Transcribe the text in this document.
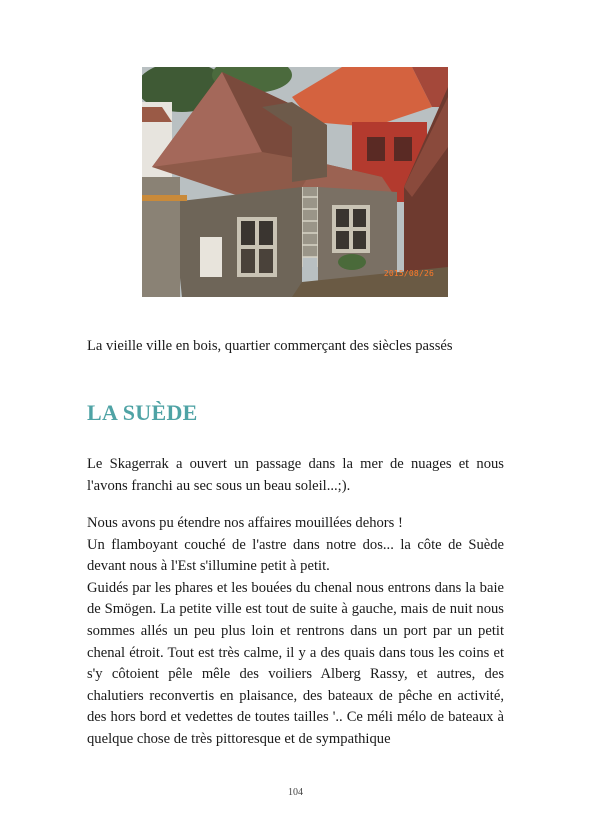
2015/08/26

La vieille ville en bois, quartier commerçant des siècles passés

LA SUÈDE

Le Skagerrak a ouvert un passage dans la mer de nuages et nous l'avons franchi au sec sous un beau soleil...;).

Nous avons pu étendre nos affaires mouillées dehors !
Un flamboyant couché de l'astre dans notre dos... la côte de Suède devant nous à l'Est s'illumine petit à petit.
Guidés par les phares et les bouées du chenal nous entrons dans la baie de Smögen. La petite ville est tout de suite à gauche, mais de nuit nous sommes allés un peu plus loin et rentrons dans un port par un petit chenal étroit. Tout est très calme, il y a des quais dans tous les coins et s'y côtoient pêle mêle des voiliers Alberg Rassy, et autres, des chalutiers reconvertis en plaisance, des bateaux de pêche en activité, des hors bord et vedettes de toutes tailles '.. Ce méli mélo de bateaux à quelque chose de très pittoresque et de sympathique
104
